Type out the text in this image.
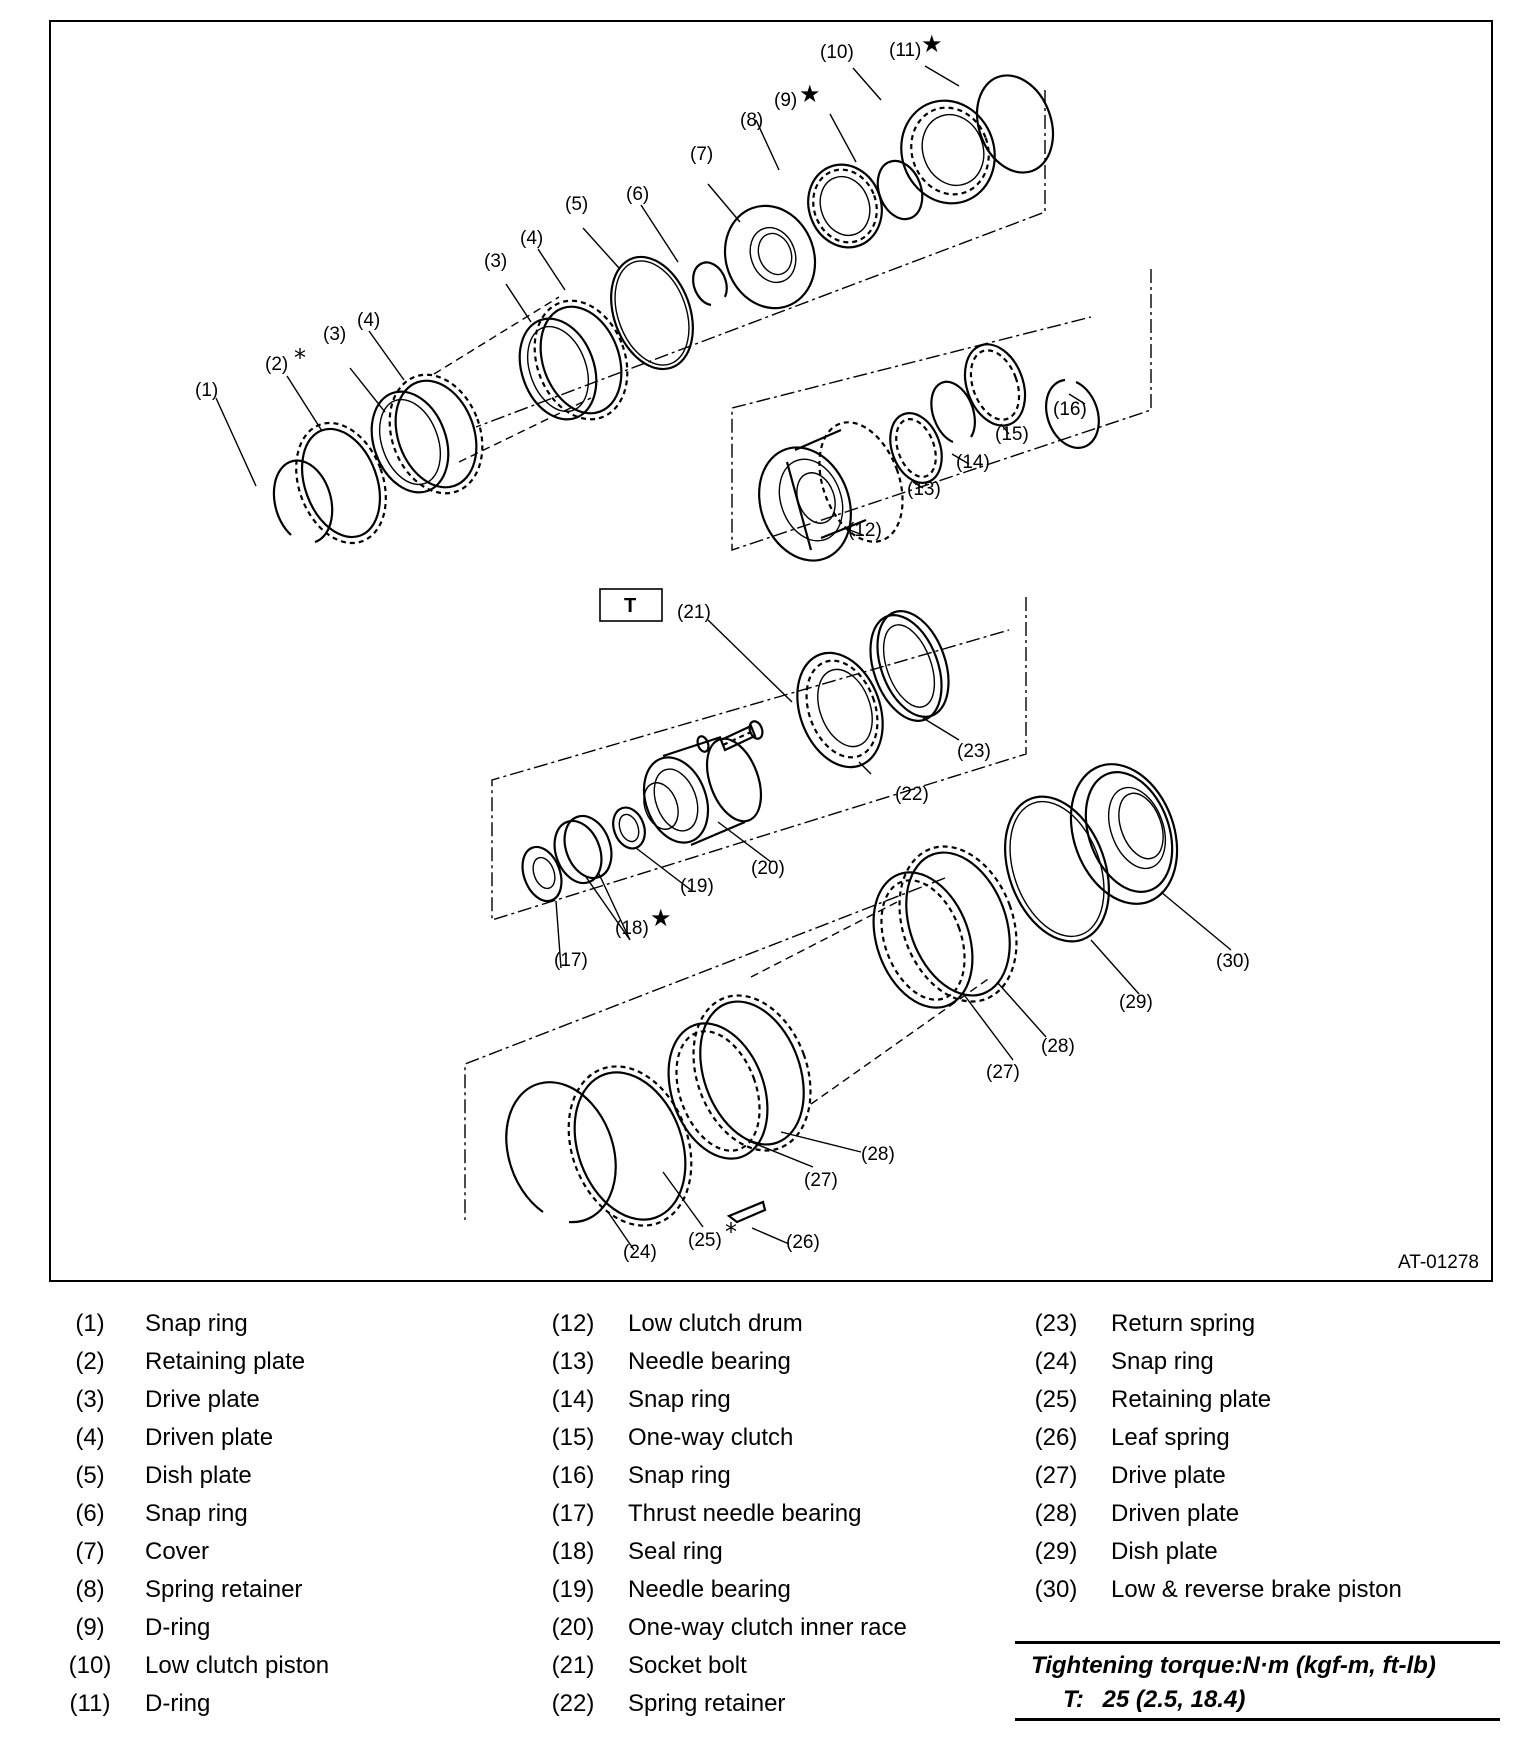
T
(1)
(2) *
(3)
(4)
(3)
(4)
(5) (6)
(7)
(8)
(9) ★
(10) (11) ★
(12)
(13)
(14)
(15)
(16)
(17)
(18) ★
(19)
(20)
(21)
(22)
(23)
(24)
(25) *	(26)
(27)
(28)
(27)
(28)
(29)
(30)
AT-01278
(1)	Snap ring
(2)	Retaining plate
(3)	Drive plate
(4)	Driven plate
(5)	Dish plate
(6)	Snap ring
(7)	Cover
(8)	Spring retainer
(9)	D-ring
(10)	Low clutch piston
(11)	D-ring
(12)	Low clutch drum
(13)	Needle bearing
(14)	Snap ring
(15)	One-way clutch
(16)	Snap ring
(17)	Thrust needle bearing
(18)	Seal ring
(19)	Needle bearing
(20)	One-way clutch inner race
(21)	Socket bolt
(22)	Spring retainer
(23)	Return spring
(24)	Snap ring
(25)	Retaining plate
(26)	Leaf spring
(27)	Drive plate
(28)	Driven plate
(29)	Dish plate
(30)	Low & reverse brake piston
Tightening torque:N·m (kgf-m, ft-lb)
T: 25 (2.5, 18.4)
